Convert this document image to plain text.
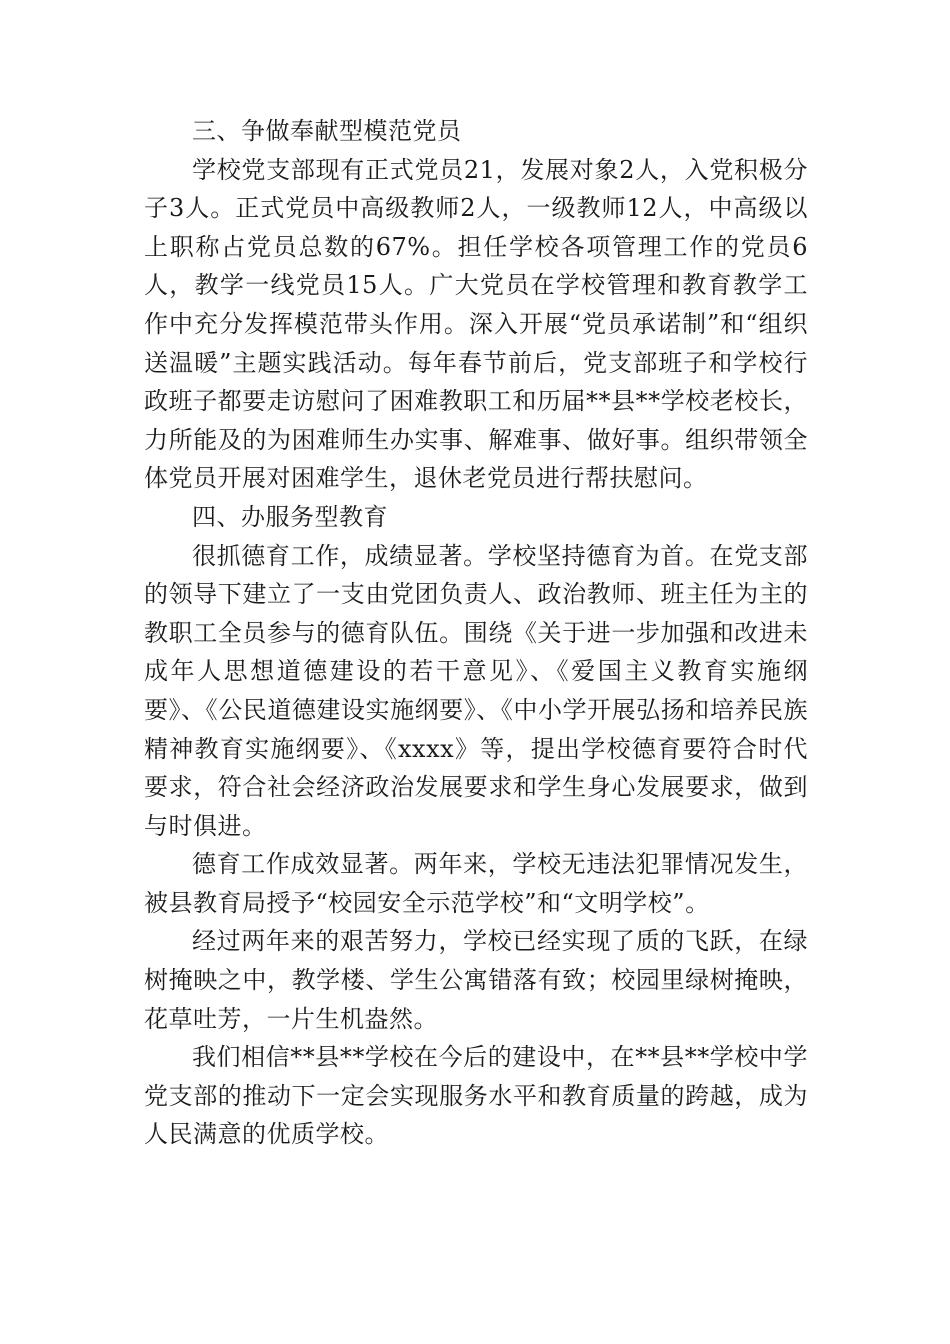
三、争做奉献型模范党员

学校党支部现有正式党员21，发展对象2人，入党积极分子3人。正式党员中高级教师2人，一级教师12人，中高级以上职称占党员总数的67%。担任学校各项管理工作的党员6人，教学一线党员15人。广大党员在学校管理和教育教学工作中充分发挥模范带头作用。深入开展“党员承诺制”和“组织送温暖”主题实践活动。每年春节前后，党支部班子和学校行政班子都要走访慰问了困难教职工和历届**县**学校老校长，力所能及的为困难师生办实事、解难事、做好事。组织带领全体党员开展对困难学生，退休老党员进行帮扶慰问。

四、办服务型教育

很抓德育工作，成绩显著。学校坚持德育为首。在党支部的领导下建立了一支由党团负责人、政治教师、班主任为主的教职工全员参与的德育队伍。围绕《关于进一步加强和改进未成年人思想道德建设的若干意见》、《爱国主义教育实施纲要》、《公民道德建设实施纲要》、《中小学开展弘扬和培养民族精神教育实施纲要》、《xxxx》等，提出学校德育要符合时代要求，符合社会经济政治发展要求和学生身心发展要求，做到与时俱进。

德育工作成效显著。两年来，学校无违法犯罪情况发生，被县教育局授予“校园安全示范学校”和“文明学校”。

经过两年来的艰苦努力，学校已经实现了质的飞跃，在绿树掩映之中，教学楼、学生公寓错落有致；校园里绿树掩映，花草吐芳，一片生机盎然。

我们相信**县**学校在今后的建设中，在**县**学校中学党支部的推动下一定会实现服务水平和教育质量的跨越，成为人民满意的优质学校。
